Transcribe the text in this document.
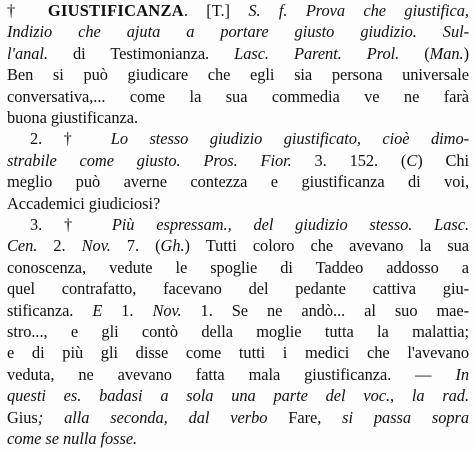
† GIUSTIFICANZA. [T.] S. f. Prova che giustifica,
Indizio che ajuta a portare giusto giudizio. Sul-
l'anal. di Testimonianza. Lasc. Parent. Prol. (Man.)
Ben si può giudicare che egli sia persona universale
conversativa,... come la sua commedia ve ne farà
buona giustificanza.
2. † Lo stesso giudizio giustificato, cioè dimo-
strabile come giusto. Pros. Fior. 3. 152. (C) Chi
meglio può averne contezza e giustificanza di voi,
Accademici giudiciosi?
3. † Più espressam., del giudizio stesso. Lasc.
Cen. 2. Nov. 7. (Gh.) Tutti coloro che avevano la sua
conoscenza, vedute le spoglie di Taddeo addosso a
quel contrafatto, facevano del pedante cattiva giu-
stificanza. E 1. Nov. 1. Se ne andò... al suo mae-
stro..., e gli contò della moglie tutta la malattia;
e di più gli disse come tutti i medici che l'avevano
veduta, ne avevano fatta mala giustificanza. — In
questi es. badasi a sola una parte del voc., la rad.
Gius; alla seconda, dal verbo Fare, si passa sopra
come se nulla fosse.
